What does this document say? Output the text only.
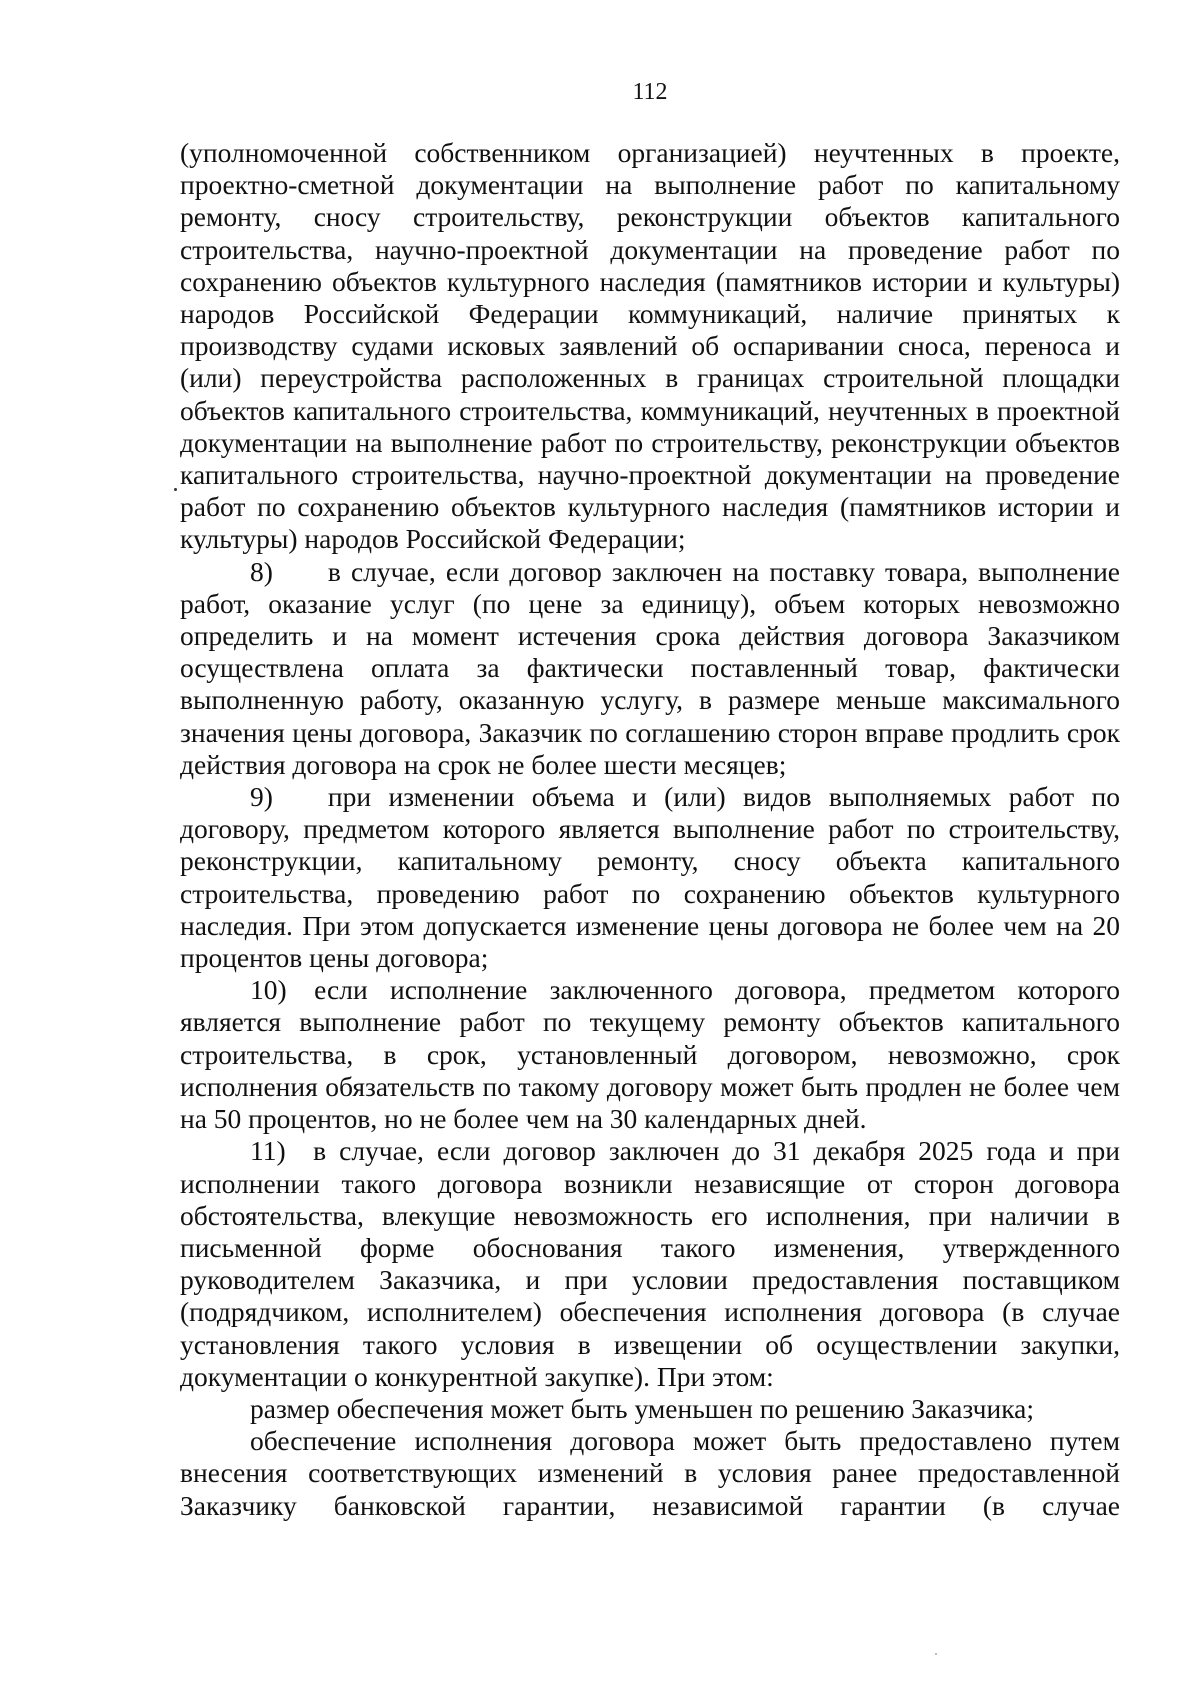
112

(уполномоченной собственником организацией) неучтенных в проекте, проектно-сметной документации на выполнение работ по капитальному ремонту, сносу строительству, реконструкции объектов капитального строительства, научно-проектной документации на проведение работ по сохранению объектов культурного наследия (памятников истории и культуры) народов Российской Федерации коммуникаций, наличие принятых к производству судами исковых заявлений об оспаривании сноса, переноса и (или) переустройства расположенных в границах строительной площадки объектов капитального строительства, коммуникаций, неучтенных в проектной документации на выполнение работ по строительству, реконструкции объектов капитального строительства, научно-проектной документации на проведение работ по сохранению объектов культурного наследия (памятников истории и культуры) народов Российской Федерации;

8)  в случае, если договор заключен на поставку товара, выполнение работ, оказание услуг (по цене за единицу), объем которых невозможно определить и на момент истечения срока действия договора Заказчиком осуществлена оплата за фактически поставленный товар, фактически выполненную работу, оказанную услугу, в размере меньше максимального значения цены договора, Заказчик по соглашению сторон вправе продлить срок действия договора на срок не более шести месяцев;

9)  при изменении объема и (или) видов выполняемых работ по договору, предметом которого является выполнение работ по строительству, реконструкции, капитальному ремонту, сносу объекта капитального строительства, проведению работ по сохранению объектов культурного наследия. При этом допускается изменение цены договора не более чем на 20 процентов цены договора;

10) если исполнение заключенного договора, предметом которого является выполнение работ по текущему ремонту объектов капитального строительства, в срок, установленный договором, невозможно, срок исполнения обязательств по такому договору может быть продлен не более чем на 50 процентов, но не более чем на 30 календарных дней.

11) в случае, если договор заключен до 31 декабря 2025 года и при исполнении такого договора возникли независящие от сторон договора обстоятельства, влекущие невозможность его исполнения, при наличии в письменной форме обоснования такого изменения, утвержденного руководителем Заказчика, и при условии предоставления поставщиком (подрядчиком, исполнителем) обеспечения исполнения договора (в случае установления такого условия в извещении об осуществлении закупки, документации о конкурентной закупке). При этом:

размер обеспечения может быть уменьшен по решению Заказчика;

обеспечение исполнения договора может быть предоставлено путем внесения соответствующих изменений в условия ранее предоставленной Заказчику банковской гарантии, независимой гарантии (в случае
